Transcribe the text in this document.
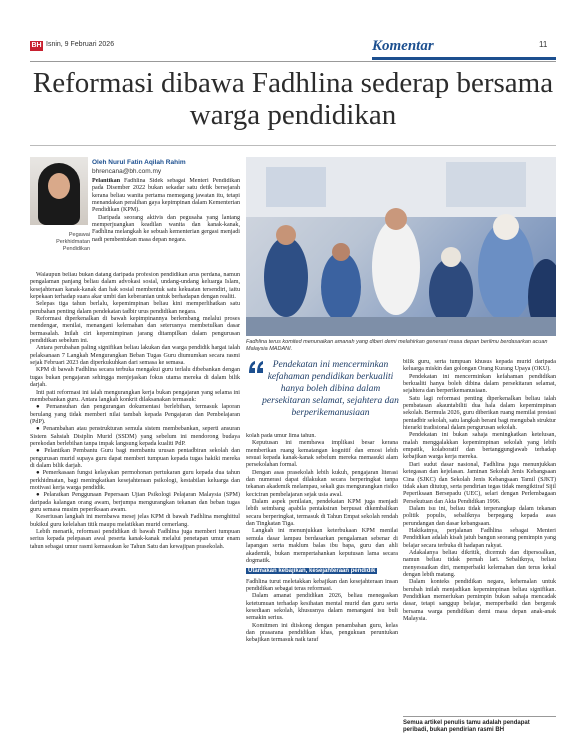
BH Isnin, 9 Februari 2026	Komentar	11
Reformasi dibawa Fadhlina sederap bersama warga pendidikan
Pegawai
Perkhidmatan
Pendidikan
Oleh Nurul Fatin Aqilah Rahim
bhrencana@bh.com.my

Pelantikan Fadhlina Sidek sebagai Menteri Pendidikan pada Disember 2022 bukan sekadar satu detik bersejarah kerana beliau wanita pertama memegang jawatan itu, tetapi menandakan peralihan gaya kepimpinan dalam Kementerian Pendidikan (KPM).

Daripada seorang aktivis dan pegusaha yang lantang memperjuangkan keadilan wanita dan kanak-kanak, Fadhlina melangkah ke sebuah kementerian gergasi menjadi nadi pembentukan masa depan negara.

Walaupun beliau bukan datang daripada profesion pendidikan arus perdana, namun pengalaman panjang beliau dalam advokasi sosial, undang-undang keluarga Islam, kesejahteraan kanak-kanak dan hak sosial membentuk satu kekuatan tersendiri, iaitu kepekaan terhadap suara akar umbi dan keberanian untuk berhadapan dengan realiti.

Selepas tiga tahun berlalu, kepemimpinan beliau kini memperlihatkan satu perubahan penting dalam pendekatan tadbir urus pendidikan negara.

Reformasi diperkenalkan di bawah kepimpinannya berlembang melalui proses mendengar, menilai, menangani kelemahan dan seterusnya membetulkan dasar bermasalah. Inilah ciri kepemimpinan jarang ditampilkan dalam pengurusan pendidikan sebelum ini.

Antara perubahan paling signifikan beliau lakukan dan warga pendidik hargai ialah pelaksanaan 7 Langkah Mengurangkan Beban Tugas Guru diumumkan secara rasmi sejak Februari 2023 dan diperkukuhkan dari semasa ke semasa.

KPM di bawah Fadhlina secara terbuka mengakui guru terlalu dibebankan dengan tugas bukan pengajaran sehingga menjejaskan fokus utama mereka di dalam bilik darjah.

Inti pati reformasi ini ialah mengurangkan kerja bukan pengajaran yang selama ini membebankan guru. Antara langkah konkrit dilaksanakan termasuk:

● Pemansuhan dan pengurangan dokumentasi berlebihan, termasuk laporan berulang yang tidak memberi nilai tambah kepada Pengajaran dan Pembelajaran (PdP).

● Penambahan atau penstrukturan semula sistem membebankan, seperti ansuran Sistem Sahsiah Disiplin Murid (SSDM) yang sebelum ini mendorong budaya perekodan berlebihan tanpa impak langsung kepada kualiti PdP.

● Pelantikan Pembantu Guru bagi membantu urusan pentadbiran sekolah dan pengurusan murid supaya guru dapat memberi tumpuan kepada tugas hakiki mereka di dalam bilik darjah.

● Pemerkasaan fungsi kelayakan permohonan pertukaran guru kepada dua tahun perkhidmatan, bagi meningkatkan kesejahteraan psikologi, kestabilan keluarga dan motivasi kerja warga pendidik.

● Pelaratkan Penggunaan Pepersaan Ujian Psikologi Pelajaran Malaysia (SPM) daripada kalangan orang awam, berjumpa mengurangkan tekanan dan beban tugas guru semasa musim peperiksaan awam.

Keseriusan langkah ini membawa mesej jelas KPM di bawah Fadhlina menghittul bukikul guru kelelahan titik maupu melatikkan murid cemerlang.

Lebih menarik, reformasi pendidikan di bawah Fadhlina juga memberi tumpuan serius kepada pelepasan awal peserta kanak-kanak melalui penetapan umur enam tahun sebagai umur rasmi kemasukan ke Tahun Satu dan kewajipan prasekolah.

Fadhlina terus komited menunaikan amanah yang diberi demi melahirkan generasi masa depan berilmu berdasarkan acuan Malaysia MADANI.
Pendekatan ini mencerminkan kefahaman pendidikan berkualiti hanya boleh dibina dalam persekitaran selamat, sejahtera dan berperikemanusiaan

kolah pada umur lima tahun.

Keputusan ini membawa implikasi besar kerana memberikan ruang kematangan kognitif dan emosi lebih sesuai kepada kanak-kanak sebelum mereka memasuki alam persekolahan formal.

Dengan asas prasekolah lebih kukuh, pengajaran literasi dan numerasi dapat dilakukan secara berperingkat tanpa tekanan akademik melampau, sekali gus mengurangkan risiko keciciran pembelajaran sejak usia awal.

Dalam aspek penilaian, pendekatan KPM juga menjadi lebih seimbang apabila pentaksiran berpusat dikembalikan secara berperingkat, termasuk di Tahun Empat sekolah rendah dan Tingkatan Tiga.

Langkah ini menunjukkan keterbukaan KPM menilai semula dasar lampau berdasarkan pengalaman sebenar di lapangan serta maklum balas ibu bapa, guru dan ahli akademik, bukan mempertahankan keputusan lama secara dogmatik.

Utamakan kebajikan, kesejahteraan pendidik

Fadhlina turut meletakkan kebajikan dan kesejahteraan insan pendidikan sebagai teras reformasi.

Dalam amanat pendidikan 2026, beliau menegaskan ketetumuan terhadap kesihatan mental murid dan guru serta kesediaan sekolah, khususnya dalam menangani isu buli semakin serius.

Komitmen ini diiskong dengan penambahan guru, kelas dan prasarana pendidikan khas, pengukuan peruntukan kebajikan termasuk naik taraf

bilik guru, serta tumpuan khusus kepada murid daripada keluarga miskin dan golongan Orang Kurang Upaya (OKU).

Pendekatan ini mencerminkan kefahaman pendidikan berkualiti hanya boleh dibina dalam persekitaran selamat, sejahtera dan berperikemanusiaan.

Satu lagi reformasi penting diperkenalkan beliau ialah pembatasan akauntabiliti dua hala dalam kepemimpinan sekolah. Bermula 2026, guru diberikan ruang memilai prestasi pentadbir sekolah, satu langkah berani bagi mengubah struktur hierarki tradisional dalam pengurusan sekolah.

Pendekatan ini bukan sahaja meningkatkan ketelusan, malah menggalakkan kepemimpinan sekolah yang lebih empatik, kolaboratif dan bertanggungjawab terhadap kebajikan warga kerja mereka.

Dari sudut dasar nasional, Fadhlina juga menunjukkan ketegasan dan kejelasan. Jaminan Sekolah Jenis Kebangsaan Cina (SJKC) dan Sekolah Jenis Kebangsaan Tamil (SJKT) tidak akan ditutup, serta pendirian tegas tidak mengiktiraf Sijil Peperiksaan Bersepadu (UEC), selari dengan Perlembagaan Persekutuan dan Akta Pendidikan 1996.

Dalam isu ini, beliau tidak terperangkap dalam tekanan politik populis, sebaliknya berpegang kepada asas perundangan dan dasar kebangsaan.

Hakikatnya, perjalanan Fadhlina sebagai Menteri Pendidikan adalah kisah jatuh bangun seorang pemimpin yang belajar secara terbuka di hadapan rakyat.

Adakalanya beliau dikritik, dicemuh dan dipersoalkan, namun beliau tidak pernah lari. Sebaliknya, beliau menyesuaikan diri, memperbaiki kelemahan dan terus kekal dengan lebih matang.

Dalam konteks pendidikan negara, kehemalan untuk berubah inilah menjadikan kepemimpinan beliau signifikan. Pendidikan memerlukan pemimpin bukan sahaja mencadak dasar, tetapi sanggup belajar, memperbaiki dan bergerak bersama warga pendidikan demi masa depan anak-anak Malaysia.

Semua artikel penulis tamu adalah pendapat peribadi, bukan pendirian rasmi BH
